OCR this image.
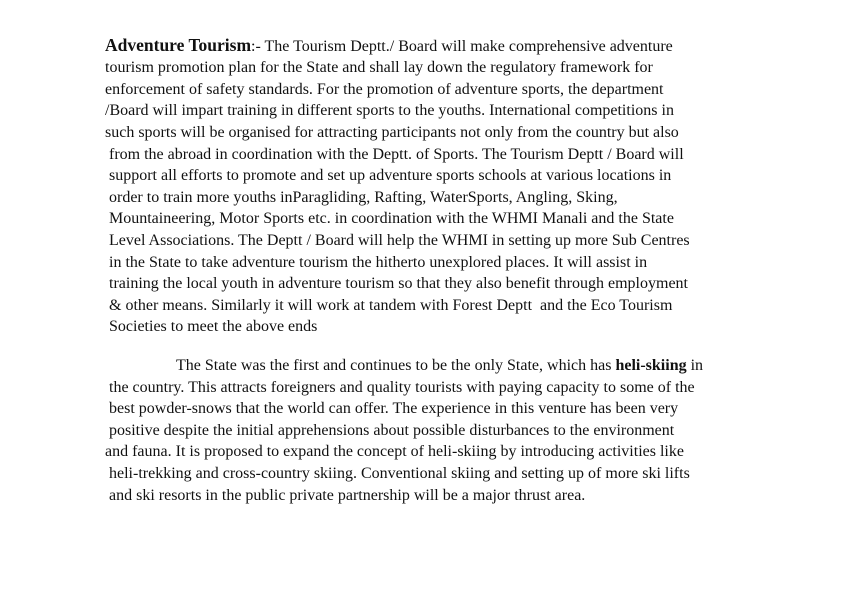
Adventure Tourism:- The Tourism Deptt./ Board will make comprehensive adventure
tourism promotion plan for the State and shall lay down the regulatory framework for
enforcement of safety standards. For the promotion of adventure sports, the department
/Board will impart training in different sports to the youths. International competitions in
such sports will be organised for attracting participants not only from the country but also
from the abroad in coordination with the Deptt. of Sports. The Tourism Deptt / Board will
support all efforts to promote and set up adventure sports schools at various locations in
order to train more youths inParagliding, Rafting, WaterSports, Angling, Sking,
Mountaineering, Motor Sports etc. in coordination with the WHMI Manali and the State
Level Associations. The Deptt / Board will help the WHMI in setting up more Sub Centres
in the State to take adventure tourism the hitherto unexplored places. It will assist in
training the local youth in adventure tourism so that they also benefit through employment
& other means. Similarly it will work at tandem with Forest Deptt  and the Eco Tourism
Societies to meet the above ends
The State was the first and continues to be the only State, which has heli-skiing in
the country. This attracts foreigners and quality tourists with paying capacity to some of the
best powder-snows that the world can offer. The experience in this venture has been very
positive despite the initial apprehensions about possible disturbances to the environment
and fauna. It is proposed to expand the concept of heli-skiing by introducing activities like
heli-trekking and cross-country skiing. Conventional skiing and setting up of more ski lifts
and ski resorts in the public private partnership will be a major thrust area.
